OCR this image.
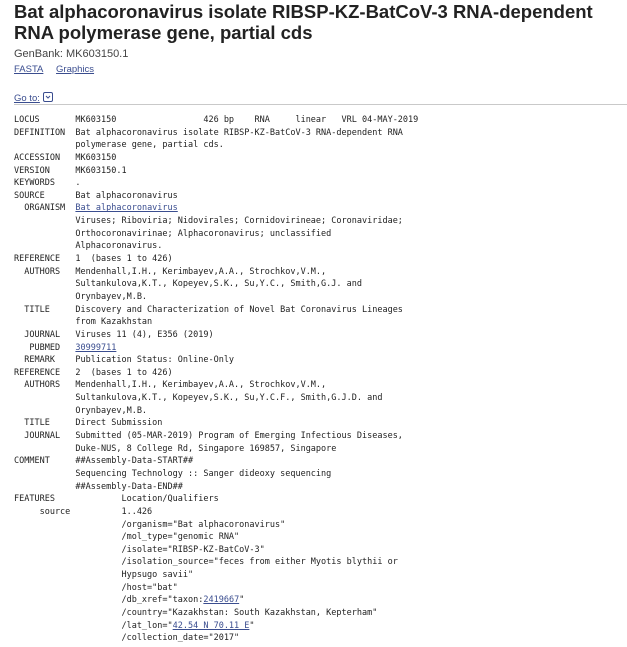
Bat alphacoronavirus isolate RIBSP-KZ-BatCoV-3 RNA-dependent RNA polymerase gene, partial cds
GenBank: MK603150.1
FASTA Graphics
Go to:
LOCUS       MK603150                 426 bp    RNA     linear   VRL 04-MAY-2019
DEFINITION  Bat alphacoronavirus isolate RIBSP-KZ-BatCoV-3 RNA-dependent RNA
polymerase gene, partial cds.
ACCESSION   MK603150
VERSION     MK603150.1
KEYWORDS    .
SOURCE      Bat alphacoronavirus
ORGANISM  Bat alphacoronavirus
Viruses; Riboviria; Nidovirales; Cornidovirineae; Coronaviridae;
Orthocoronavirinae; Alphacoronavirus; unclassified
Alphacoronavirus.
REFERENCE   1  (bases 1 to 426)
AUTHORS   Mendenhall,I.H., Kerimbayev,A.A., Strochkov,V.M.,
Sultankulova,K.T., Kopeyev,S.K., Su,Y.C., Smith,G.J. and
Orynbayev,M.B.
TITLE     Discovery and Characterization of Novel Bat Coronavirus Lineages
from Kazakhstan
JOURNAL   Viruses 11 (4), E356 (2019)
PUBMED   30999711
REMARK    Publication Status: Online-Only
REFERENCE   2  (bases 1 to 426)
AUTHORS   Mendenhall,I.H., Kerimbayev,A.A., Strochkov,V.M.,
Sultankulova,K.T., Kopeyev,S.K., Su,Y.C.F., Smith,G.J.D. and
Orynbayev,M.B.
TITLE     Direct Submission
JOURNAL   Submitted (05-MAR-2019) Program of Emerging Infectious Diseases,
Duke-NUS, 8 College Rd, Singapore 169857, Singapore
COMMENT     ##Assembly-Data-START##
Sequencing Technology :: Sanger dideoxy sequencing
##Assembly-Data-END##
FEATURES             Location/Qualifiers
source          1..426
/organism="Bat alphacoronavirus"
/mol_type="genomic RNA"
/isolate="RIBSP-KZ-BatCoV-3"
/isolation_source="feces from either Myotis blythii or
Hypsugo savii"
/host="bat"
/db_xref="taxon:2419667"
/country="Kazakhstan: South Kazakhstan, Kepterham"
/lat_lon="42.54 N 70.11 E"
/collection_date="2017"
